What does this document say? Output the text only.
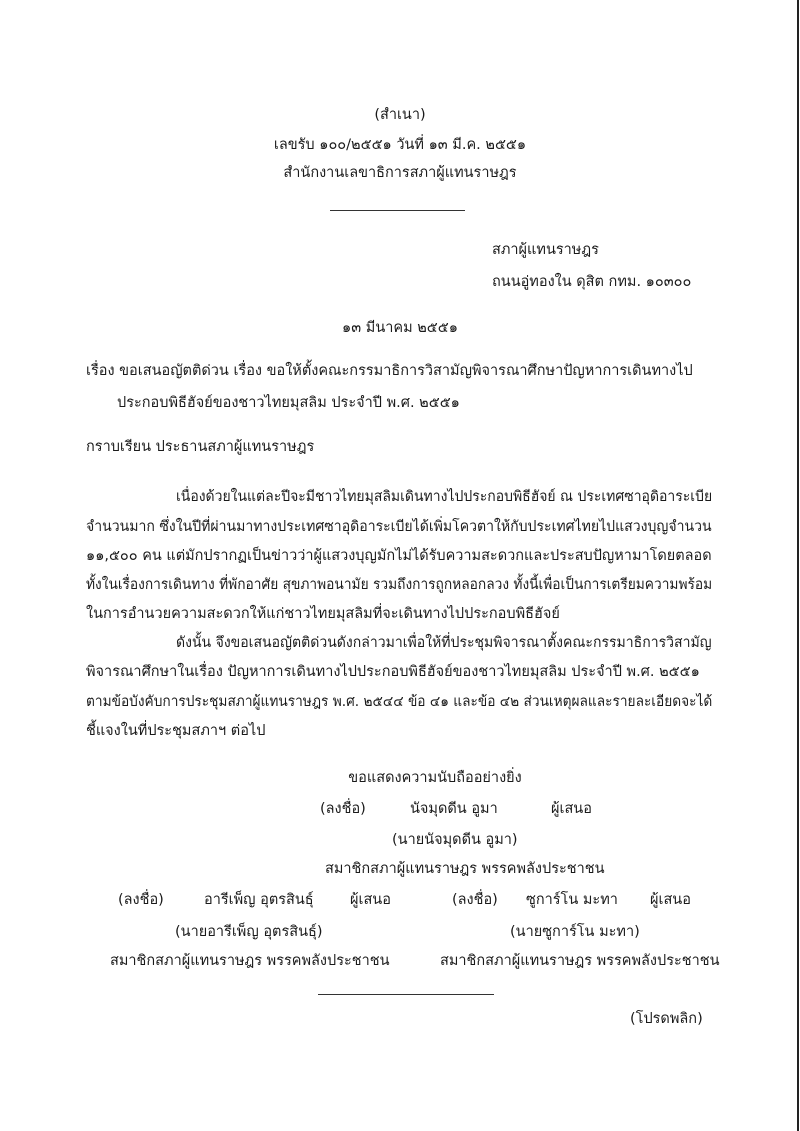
(สำเนา)
เลขรับ ๑๐๐/๒๕๕๑ วันที่ ๑๓ มี.ค. ๒๕๕๑
สำนักงานเลขาธิการสภาผู้แทนราษฎร
สภาผู้แทนราษฎร
ถนนอู่ทองใน ดุสิต กทม. ๑๐๓๐๐
๑๓ มีนาคม ๒๕๕๑
เรื่อง ขอเสนอญัตติด่วน เรื่อง ขอให้ตั้งคณะกรรมาธิการวิสามัญพิจารณาศึกษาปัญหาการเดินทางไป
ประกอบพิธีฮัจย์ของชาวไทยมุสลิม ประจำปี พ.ศ. ๒๕๕๑
กราบเรียน ประธานสภาผู้แทนราษฎร
เนื่องด้วยในแต่ละปีจะมีชาวไทยมุสลิมเดินทางไปประกอบพิธีฮัจย์ ณ ประเทศซาอุดิอาระเบีย
จำนวนมาก ซึ่งในปีที่ผ่านมาทางประเทศซาอุดิอาระเบียได้เพิ่มโควตาให้กับประเทศไทยไปแสวงบุญจำนวน
๑๑,๕๐๐ คน แต่มักปรากฏเป็นข่าวว่าผู้แสวงบุญมักไม่ได้รับความสะดวกและประสบปัญหามาโดยตลอด
ทั้งในเรื่องการเดินทาง ที่พักอาศัย สุขภาพอนามัย รวมถึงการถูกหลอกลวง ทั้งนี้เพื่อเป็นการเตรียมความพร้อม
ในการอำนวยความสะดวกให้แก่ชาวไทยมุสลิมที่จะเดินทางไปประกอบพิธีฮัจย์
ดังนั้น จึงขอเสนอญัตติด่วนดังกล่าวมาเพื่อให้ที่ประชุมพิจารณาตั้งคณะกรรมาธิการวิสามัญ
พิจารณาศึกษาในเรื่อง ปัญหาการเดินทางไปประกอบพิธีฮัจย์ของชาวไทยมุสลิม ประจำปี พ.ศ. ๒๕๕๑
ตามข้อบังคับการประชุมสภาผู้แทนราษฎร พ.ศ. ๒๕๔๔ ข้อ ๔๑ และข้อ ๔๒ ส่วนเหตุผลและรายละเอียดจะได้
ชี้แจงในที่ประชุมสภาฯ ต่อไป
ขอแสดงความนับถืออย่างยิ่ง
(ลงชื่อ)	นัจมุดดีน อูมา	ผู้เสนอ
(นายนัจมุดดีน อูมา)
สมาชิกสภาผู้แทนราษฎร พรรคพลังประชาชน
(ลงชื่อ)	อารีเพ็ญ อุตรสินธุ์	ผู้เสนอ
(นายอารีเพ็ญ อุตรสินธุ์)
สมาชิกสภาผู้แทนราษฎร พรรคพลังประชาชน
(ลงชื่อ) ซูการ์โน มะทา ผู้เสนอ
(นายซูการ์โน มะทา)
สมาชิกสภาผู้แทนราษฎร พรรคพลังประชาชน
(โปรดพลิก)
